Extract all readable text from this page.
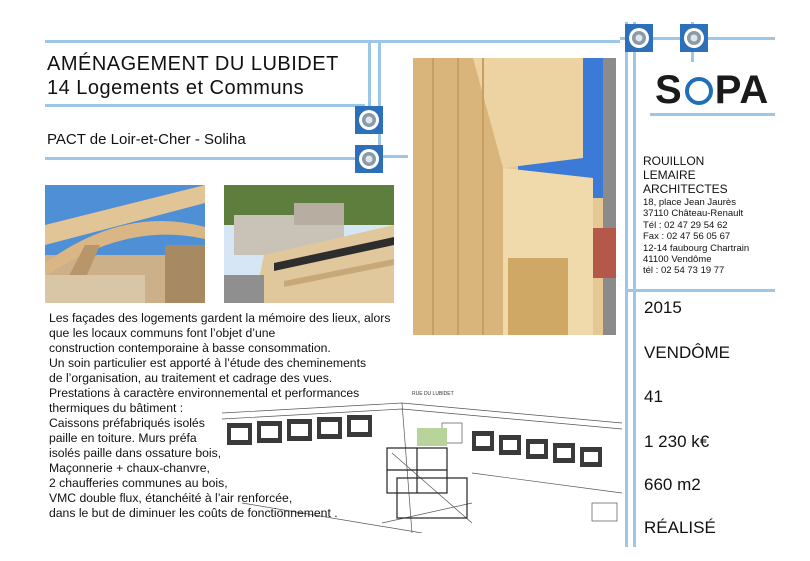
AMÉNAGEMENT DU LUBIDET
14 Logements et Communs
PACT de Loir-et-Cher - Soliha
S PA
ROUILLON
LEMAIRE
ARCHITECTES
18, place Jean Jaurès
37110 Château-Renault
Tél : 02 47 29 54 62
Fax : 02 47 56 05 67
12-14 faubourg Chartrain
41100 Vendôme
tél : 02 54 73 19 77
2015
VENDÔME
41
1 230 k€
660 m2
RÉALISÉ
RUE DU LUBIDET
Les façades des logements gardent la mémoire des lieux, alors
que les locaux communs font l’objet d’une
construction contemporaine à basse consommation.
Un soin particulier est apporté à l’étude des cheminements
de l’organisation, au traitement et cadrage des vues.
Prestations à caractère environnemental et performances
thermiques du bâtiment :
Caissons préfabriqués isolés
paille en toiture. Murs préfa
isolés paille dans ossature bois,
Maçonnerie + chaux-chanvre,
2 chaufferies communes au bois,
VMC double flux, étanchéité à l’air renforcée,
dans le but de diminuer les coûts de fonctionnement .
